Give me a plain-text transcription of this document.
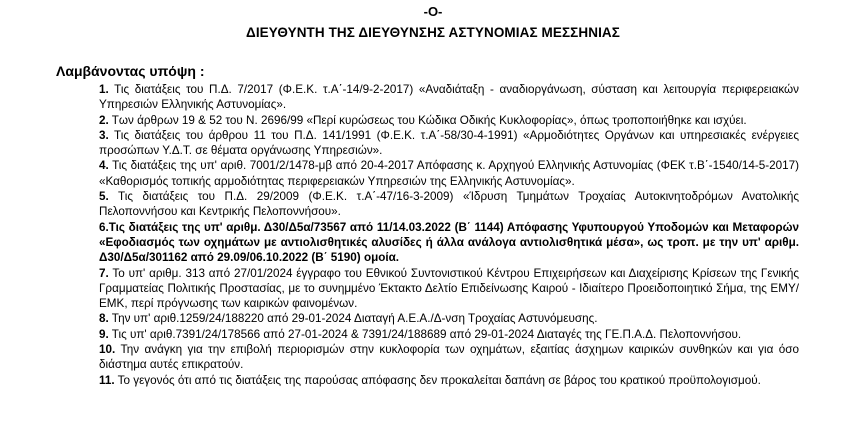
-Ο-
ΔΙΕΥΘΥΝΤΗ ΤΗΣ ΔΙΕΥΘΥΝΣΗΣ ΑΣΤΥΝΟΜΙΑΣ ΜΕΣΣΗΝΙΑΣ
Λαμβάνοντας υπόψη :

1. Τις διατάξεις του Π.Δ. 7/2017 (Φ.Ε.Κ. τ.Α΄-14/9-2-2017) «Αναδιάταξη - αναδιοργάνωση, σύσταση και λειτουργία περιφερειακών Υπηρεσιών Ελληνικής Αστυνομίας».

2. Των άρθρων 19 & 52 του Ν. 2696/99 «Περί κυρώσεως του Κώδικα Οδικής Κυκλοφορίας», όπως τροποποιήθηκε και ισχύει.

3. Τις διατάξεις του άρθρου 11 του Π.Δ. 141/1991 (Φ.Ε.Κ. τ.Α΄-58/30-4-1991) «Αρμοδιότητες Οργάνων και υπηρεσιακές ενέργειες προσώπων Υ.Δ.Τ. σε θέματα οργάνωσης Υπηρεσιών».

4. Τις διατάξεις της υπ' αριθ. 7001/2/1478-μβ από 20-4-2017 Απόφασης κ. Αρχηγού Ελληνικής Αστυνομίας (ΦΕΚ τ.Β΄-1540/14-5-2017) «Καθορισμός τοπικής αρμοδιότητας περιφερειακών Υπηρεσιών της Ελληνικής Αστυνομίας».

5. Τις διατάξεις του Π.Δ. 29/2009 (Φ.Ε.Κ. τ.Α΄-47/16-3-2009) «Ίδρυση Τμημάτων Τροχαίας Αυτοκινητοδρόμων Ανατολικής Πελοποννήσου και Κεντρικής Πελοποννήσου».

6.Τις διατάξεις της υπ' αριθμ. Δ30/Δ5α/73567 από 11/14.03.2022 (Β΄ 1144) Απόφασης Υφυπουργού Υποδομών και Μεταφορών «Εφοδιασμός των οχημάτων με αντιολισθητικές αλυσίδες ή άλλα ανάλογα αντιολισθητικά μέσα», ως τροπ. με την υπ' αριθμ. Δ30/Δ5α/301162 από 29.09/06.10.2022 (Β΄ 5190) ομοία.

7. Το υπ' αριθμ. 313 από 27/01/2024 έγγραφο του Εθνικού Συντονιστικού Κέντρου Επιχειρήσεων και Διαχείρισης Κρίσεων της Γενικής Γραμματείας Πολιτικής Προστασίας, με το συνημμένο Έκτακτο Δελτίο Επιδείνωσης Καιρού - Ιδιαίτερο Προειδοποιητικό Σήμα, της ΕΜΥ/ΕΜΚ, περί πρόγνωσης των καιρικών φαινομένων.

8. Την υπ' αριθ.1259/24/188220 από 29-01-2024 Διαταγή Α.Ε.Α./Δ-νση Τροχαίας Αστυνόμευσης.

9. Τις υπ' αριθ.7391/24/178566 από 27-01-2024 & 7391/24/188689 από 29-01-2024 Διαταγές της ΓΕ.Π.Α.Δ. Πελοποννήσου.

10. Την ανάγκη για την επιβολή περιορισμών στην κυκλοφορία των οχημάτων, εξαιτίας άσχημων καιρικών συνθηκών και για όσο διάστημα αυτές επικρατούν.

11. Το γεγονός ότι από τις διατάξεις της παρούσας απόφασης δεν προκαλείται δαπάνη σε βάρος του κρατικού προϋπολογισμού.
